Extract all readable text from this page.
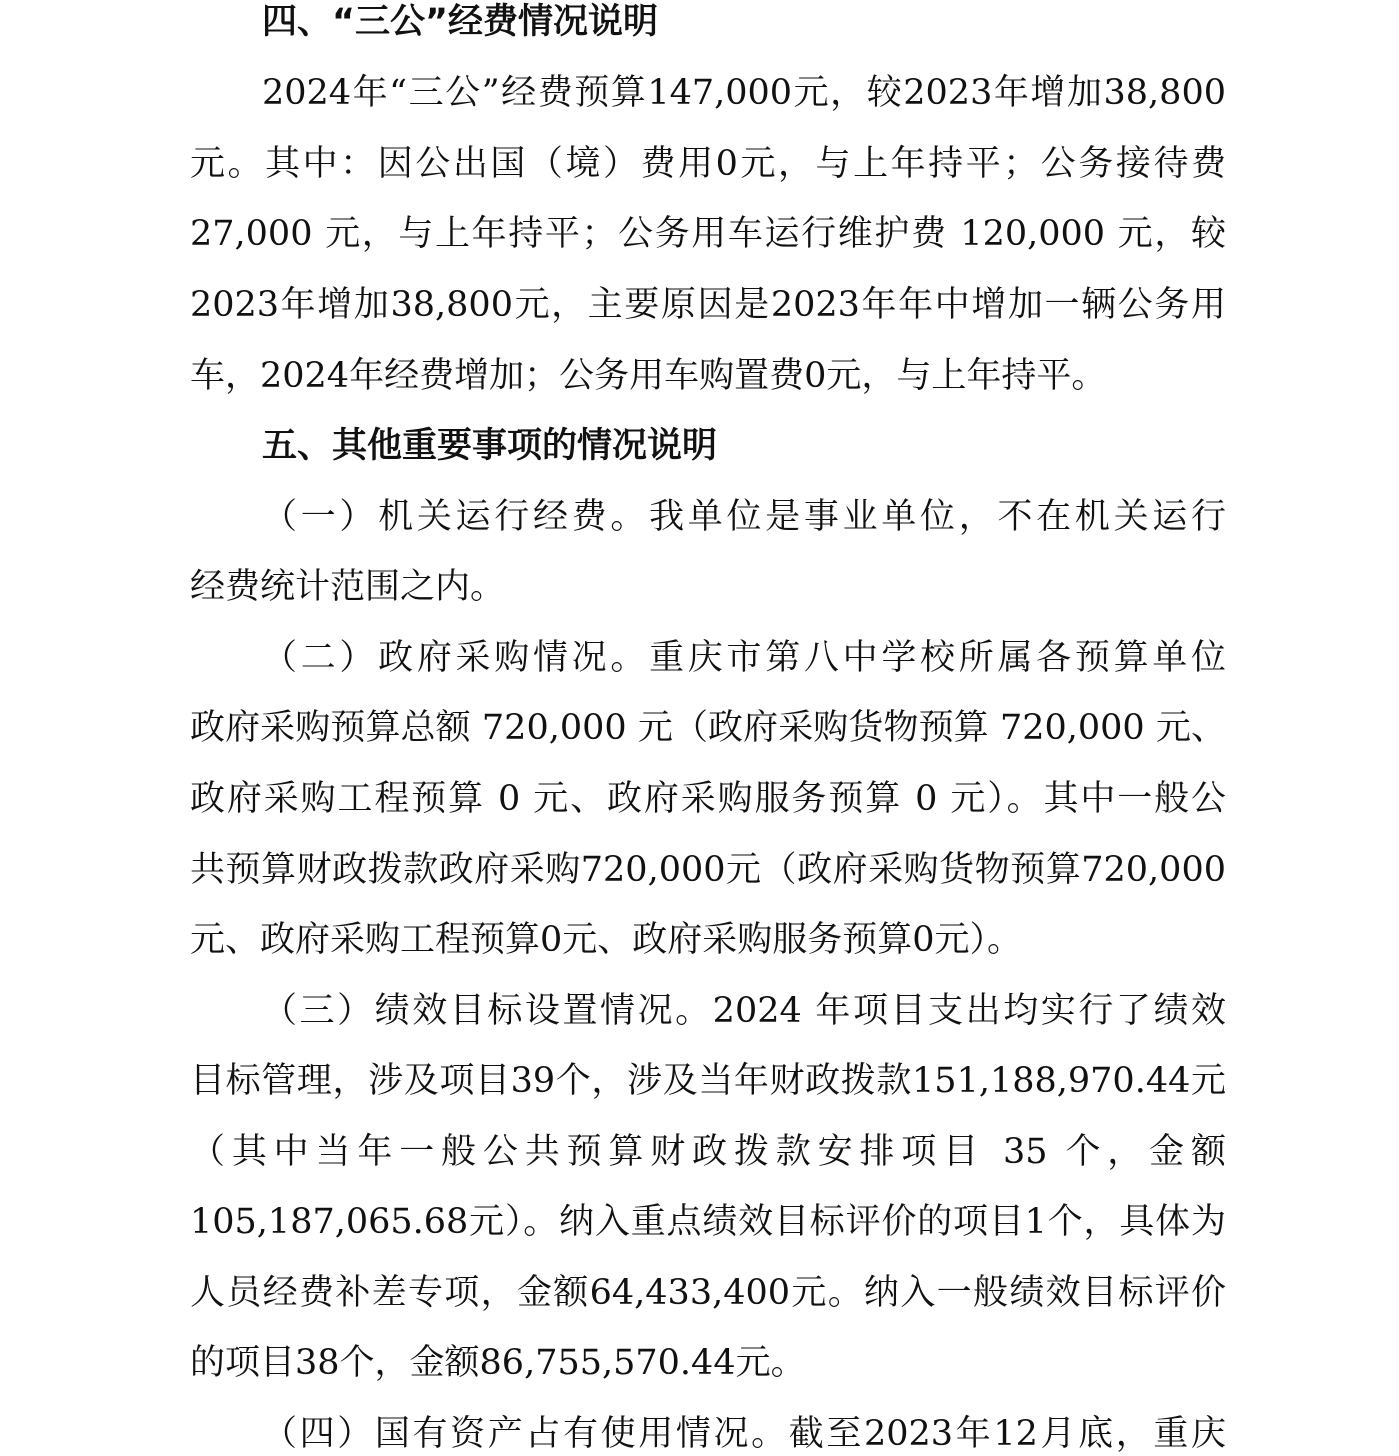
四、“三公”经费情况说明
2024年“三公”经费预算147,000元，较2023年增加38,800
元。其中：因公出国（境）费用0元，与上年持平；公务接待费
27,000 元，与上年持平；公务用车运行维护费 120,000 元，较
2023年增加38,800元，主要原因是2023年年中增加一辆公务用
车，2024年经费增加；公务用车购置费0元，与上年持平。
五、其他重要事项的情况说明
（一）机关运行经费。我单位是事业单位，不在机关运行
经费统计范围之内。
（二）政府采购情况。重庆市第八中学校所属各预算单位
政府采购预算总额 720,000 元（政府采购货物预算 720,000 元、
政府采购工程预算 0 元、政府采购服务预算 0 元）。其中一般公
共预算财政拨款政府采购720,000元（政府采购货物预算720,000
元、政府采购工程预算0元、政府采购服务预算0元）。
（三）绩效目标设置情况。2024 年项目支出均实行了绩效
目标管理，涉及项目39个，涉及当年财政拨款151,188,970.44元
（其中当年一般公共预算财政拨款安排项目 35 个，金额
105,187,065.68元）。纳入重点绩效目标评价的项目1个，具体为
人员经费补差专项，金额64,433,400元。纳入一般绩效目标评价
的项目38个，金额86,755,570.44元。
（四）国有资产占有使用情况。截至2023年12月底，重庆
